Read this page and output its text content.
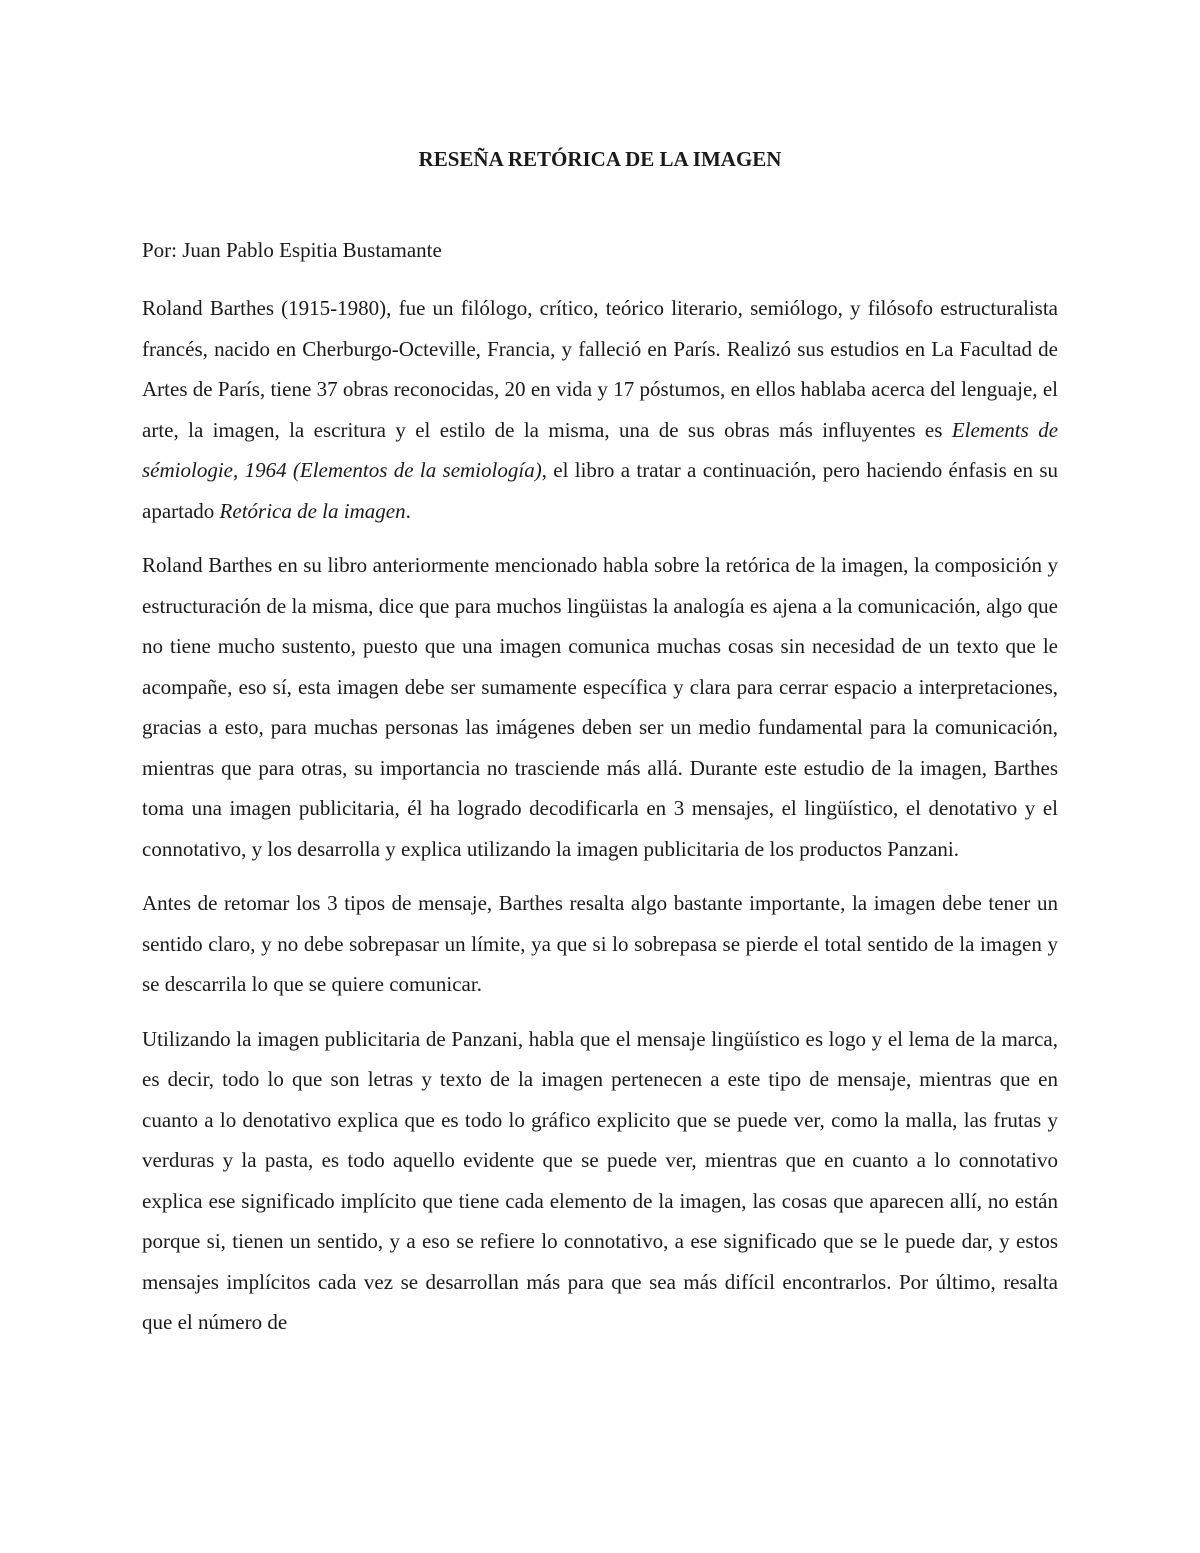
RESEÑA RETÓRICA DE LA IMAGEN
Por: Juan Pablo Espitia Bustamante

Roland Barthes (1915-1980), fue un filólogo, crítico, teórico literario, semiólogo, y filósofo estructuralista francés, nacido en Cherburgo-Octeville, Francia, y falleció en París. Realizó sus estudios en La Facultad de Artes de París, tiene 37 obras reconocidas, 20 en vida y 17 póstumos, en ellos hablaba acerca del lenguaje, el arte, la imagen, la escritura y el estilo de la misma, una de sus obras más influyentes es Elements de sémiologie, 1964 (Elementos de la semiología), el libro a tratar a continuación, pero haciendo énfasis en su apartado Retórica de la imagen.

Roland Barthes en su libro anteriormente mencionado habla sobre la retórica de la imagen, la composición y estructuración de la misma, dice que para muchos lingüistas la analogía es ajena a la comunicación, algo que no tiene mucho sustento, puesto que una imagen comunica muchas cosas sin necesidad de un texto que le acompañe, eso sí, esta imagen debe ser sumamente específica y clara para cerrar espacio a interpretaciones, gracias a esto, para muchas personas las imágenes deben ser un medio fundamental para la comunicación, mientras que para otras, su importancia no trasciende más allá. Durante este estudio de la imagen, Barthes toma una imagen publicitaria, él ha logrado decodificarla en 3 mensajes, el lingüístico, el denotativo y el connotativo, y los desarrolla y explica utilizando la imagen publicitaria de los productos Panzani.

Antes de retomar los 3 tipos de mensaje, Barthes resalta algo bastante importante, la imagen debe tener un sentido claro, y no debe sobrepasar un límite, ya que si lo sobrepasa se pierde el total sentido de la imagen y se descarrila lo que se quiere comunicar.

Utilizando la imagen publicitaria de Panzani, habla que el mensaje lingüístico es logo y el lema de la marca, es decir, todo lo que son letras y texto de la imagen pertenecen a este tipo de mensaje, mientras que en cuanto a lo denotativo explica que es todo lo gráfico explicito que se puede ver, como la malla, las frutas y verduras y la pasta, es todo aquello evidente que se puede ver, mientras que en cuanto a lo connotativo explica ese significado implícito que tiene cada elemento de la imagen, las cosas que aparecen allí, no están porque si, tienen un sentido, y a eso se refiere lo connotativo, a ese significado que se le puede dar, y estos mensajes implícitos cada vez se desarrollan más para que sea más difícil encontrarlos. Por último, resalta que el número de
